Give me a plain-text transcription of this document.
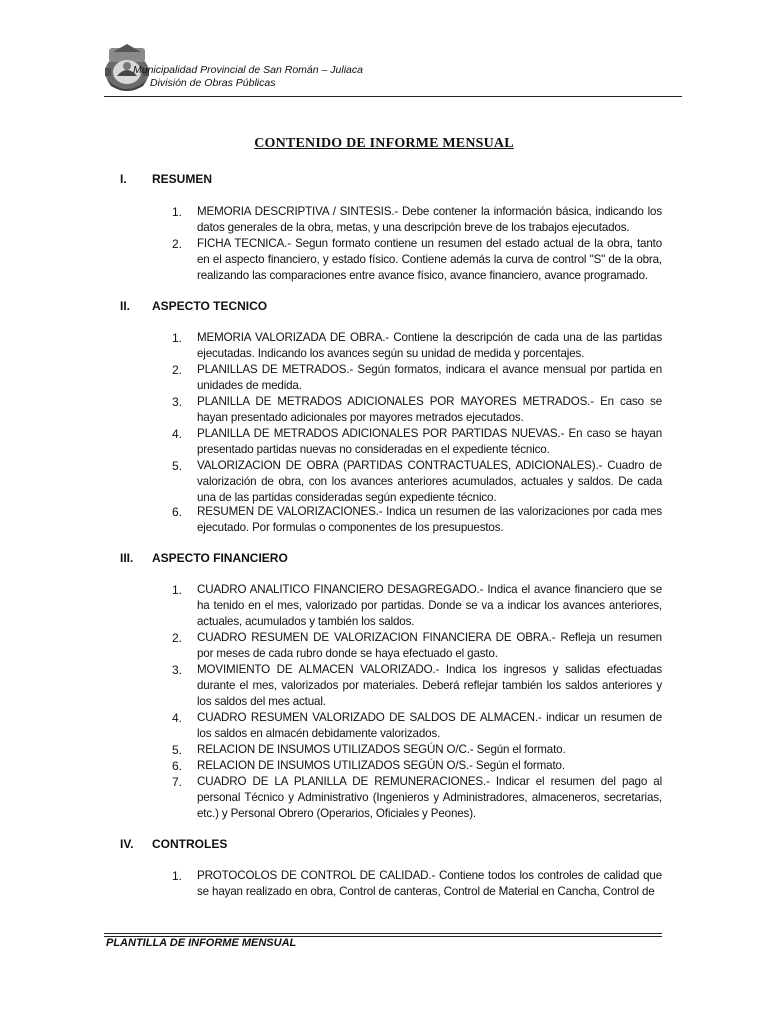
Municipalidad Provincial de San Román – Juliaca
División de Obras Públicas
CONTENIDO DE INFORME MENSUAL
I. RESUMEN
1.	MEMORIA DESCRIPTIVA / SINTESIS.- Debe contener la información básica, indicando los datos generales de la obra, metas, y una descripción breve de los trabajos ejecutados.
2.	FICHA TECNICA.- Segun formato contiene un resumen del estado actual de la obra, tanto en el aspecto financiero, y estado físico. Contiene además la curva de control "S" de la obra, realizando las comparaciones entre avance físico, avance financiero, avance programado.
II. ASPECTO TECNICO
1.	MEMORIA VALORIZADA DE OBRA.- Contiene la descripción de cada una de las partidas ejecutadas. Indicando los avances según su unidad de medida y porcentajes.
2.	PLANILLAS DE METRADOS.- Según formatos, indicara el avance mensual por partida en unidades de medida.
3.	PLANILLA DE METRADOS ADICIONALES POR MAYORES METRADOS.- En caso se hayan presentado adicionales por mayores metrados ejecutados.
4.	PLANILLA DE METRADOS ADICIONALES POR PARTIDAS NUEVAS.- En caso se hayan presentado partidas nuevas no consideradas en el expediente técnico.
5.	VALORIZACION DE OBRA (PARTIDAS CONTRACTUALES, ADICIONALES).- Cuadro de valorización de obra, con los avances anteriores acumulados, actuales y saldos. De cada una de las partidas consideradas según expediente técnico.
6.	RESUMEN DE VALORIZACIONES.- Indica un resumen de las valorizaciones por cada mes ejecutado. Por formulas o componentes de los presupuestos.
III. ASPECTO FINANCIERO
1.	CUADRO ANALITICO FINANCIERO DESAGREGADO.- Indica el avance financiero que se ha tenido en el mes, valorizado por partidas. Donde se va a indicar los avances anteriores, actuales, acumulados y también los saldos.
2.	CUADRO RESUMEN DE VALORIZACION FINANCIERA DE OBRA.- Refleja un resumen por meses de cada rubro donde se haya efectuado el gasto.
3.	MOVIMIENTO DE ALMACEN VALORIZADO.- Indica los ingresos y salidas efectuadas durante el mes, valorizados por materiales. Deberá reflejar también los saldos anteriores y los saldos del mes actual.
4.	CUADRO RESUMEN VALORIZADO DE SALDOS DE ALMACEN.- indicar un resumen de los saldos en almacén debidamente valorizados.
5.	RELACION DE INSUMOS UTILIZADOS SEGÚN O/C.- Según el formato.
6.	RELACION DE INSUMOS UTILIZADOS SEGÚN O/S.- Según el formato.
7.	CUADRO DE LA PLANILLA DE REMUNERACIONES.- Indicar el resumen del pago al personal Técnico y Administrativo (Ingenieros y Administradores, almaceneros, secretarias, etc.) y Personal Obrero (Operarios, Oficiales y Peones).
IV. CONTROLES
1.	PROTOCOLOS DE CONTROL DE CALIDAD.- Contiene todos los controles de calidad que se hayan realizado en obra, Control de canteras, Control de Material en Cancha, Control de
PLANTILLA DE INFORME MENSUAL
